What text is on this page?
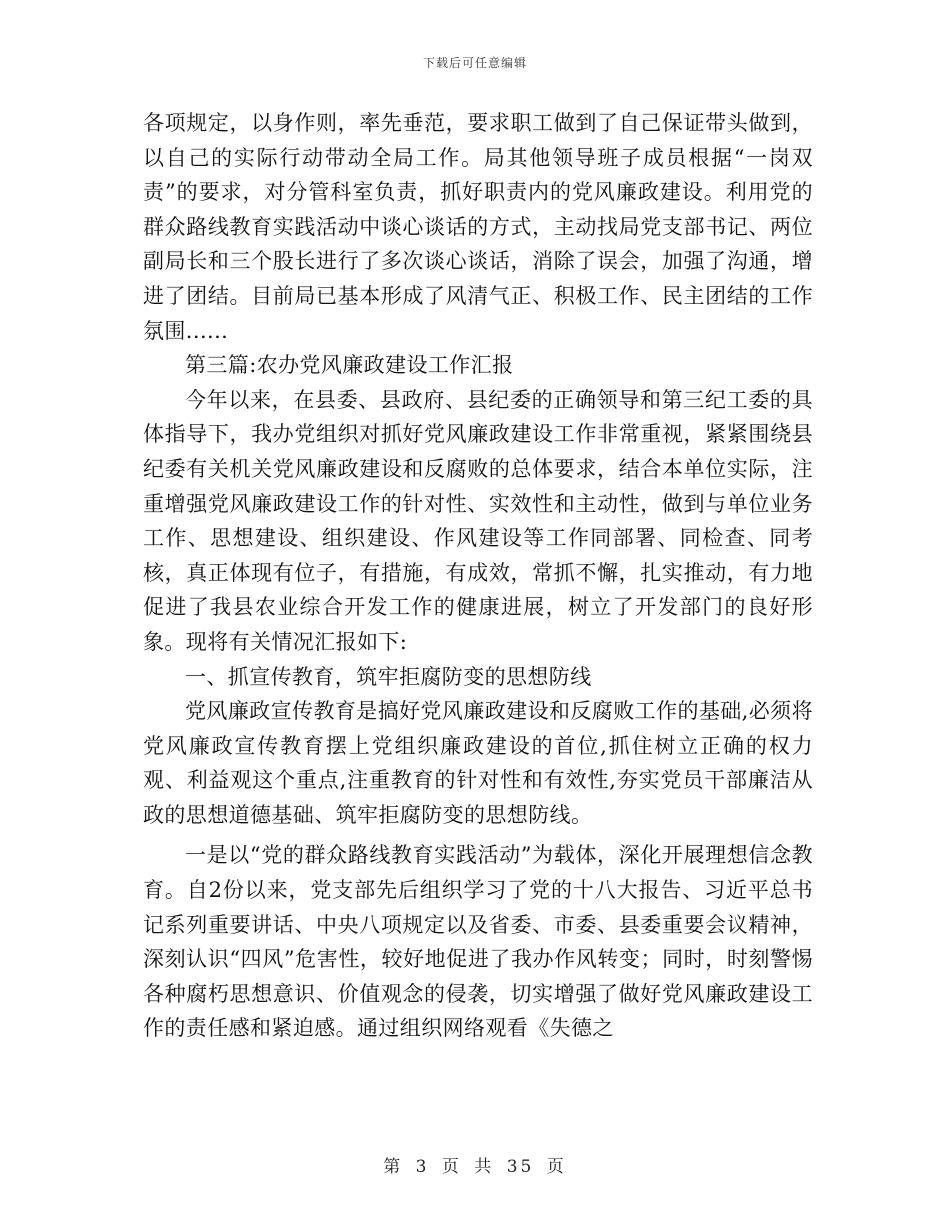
下载后可任意编辑

各项规定，以身作则，率先垂范，要求职工做到了自己保证带头做到，以自己的实际行动带动全局工作。局其他领导班子成员根据“一岗双责”的要求，对分管科室负责，抓好职责内的党风廉政建设。利用党的群众路线教育实践活动中谈心谈话的方式，主动找局党支部书记、两位副局长和三个股长进行了多次谈心谈话，消除了误会，加强了沟通，增进了团结。目前局已基本形成了风清气正、积极工作、民主团结的工作氛围......

第三篇:农办党风廉政建设工作汇报

今年以来，在县委、县政府、县纪委的正确领导和第三纪工委的具体指导下，我办党组织对抓好党风廉政建设工作非常重视，紧紧围绕县纪委有关机关党风廉政建设和反腐败的总体要求，结合本单位实际，注重增强党风廉政建设工作的针对性、实效性和主动性，做到与单位业务工作、思想建设、组织建设、作风建设等工作同部署、同检查、同考核，真正体现有位子，有措施，有成效，常抓不懈，扎实推动，有力地促进了我县农业综合开发工作的健康进展，树立了开发部门的良好形象。现将有关情况汇报如下:

一、抓宣传教育，筑牢拒腐防变的思想防线

党风廉政宣传教育是搞好党风廉政建设和反腐败工作的基础,必须将党风廉政宣传教育摆上党组织廉政建设的首位,抓住树立正确的权力观、利益观这个重点,注重教育的针对性和有效性,夯实党员干部廉洁从政的思想道德基础、筑牢拒腐防变的思想防线。

一是以“党的群众路线教育实践活动”为载体，深化开展理想信念教育。自2份以来，党支部先后组织学习了党的十八大报告、习近平总书记系列重要讲话、中央八项规定以及省委、市委、县委重要会议精神，深刻认识“四风”危害性，较好地促进了我办作风转变；同时，时刻警惕各种腐朽思想意识、价值观念的侵袭，切实增强了做好党风廉政建设工作的责任感和紧迫感。通过组织网络观看《失德之

第 3 页 共 35 页
